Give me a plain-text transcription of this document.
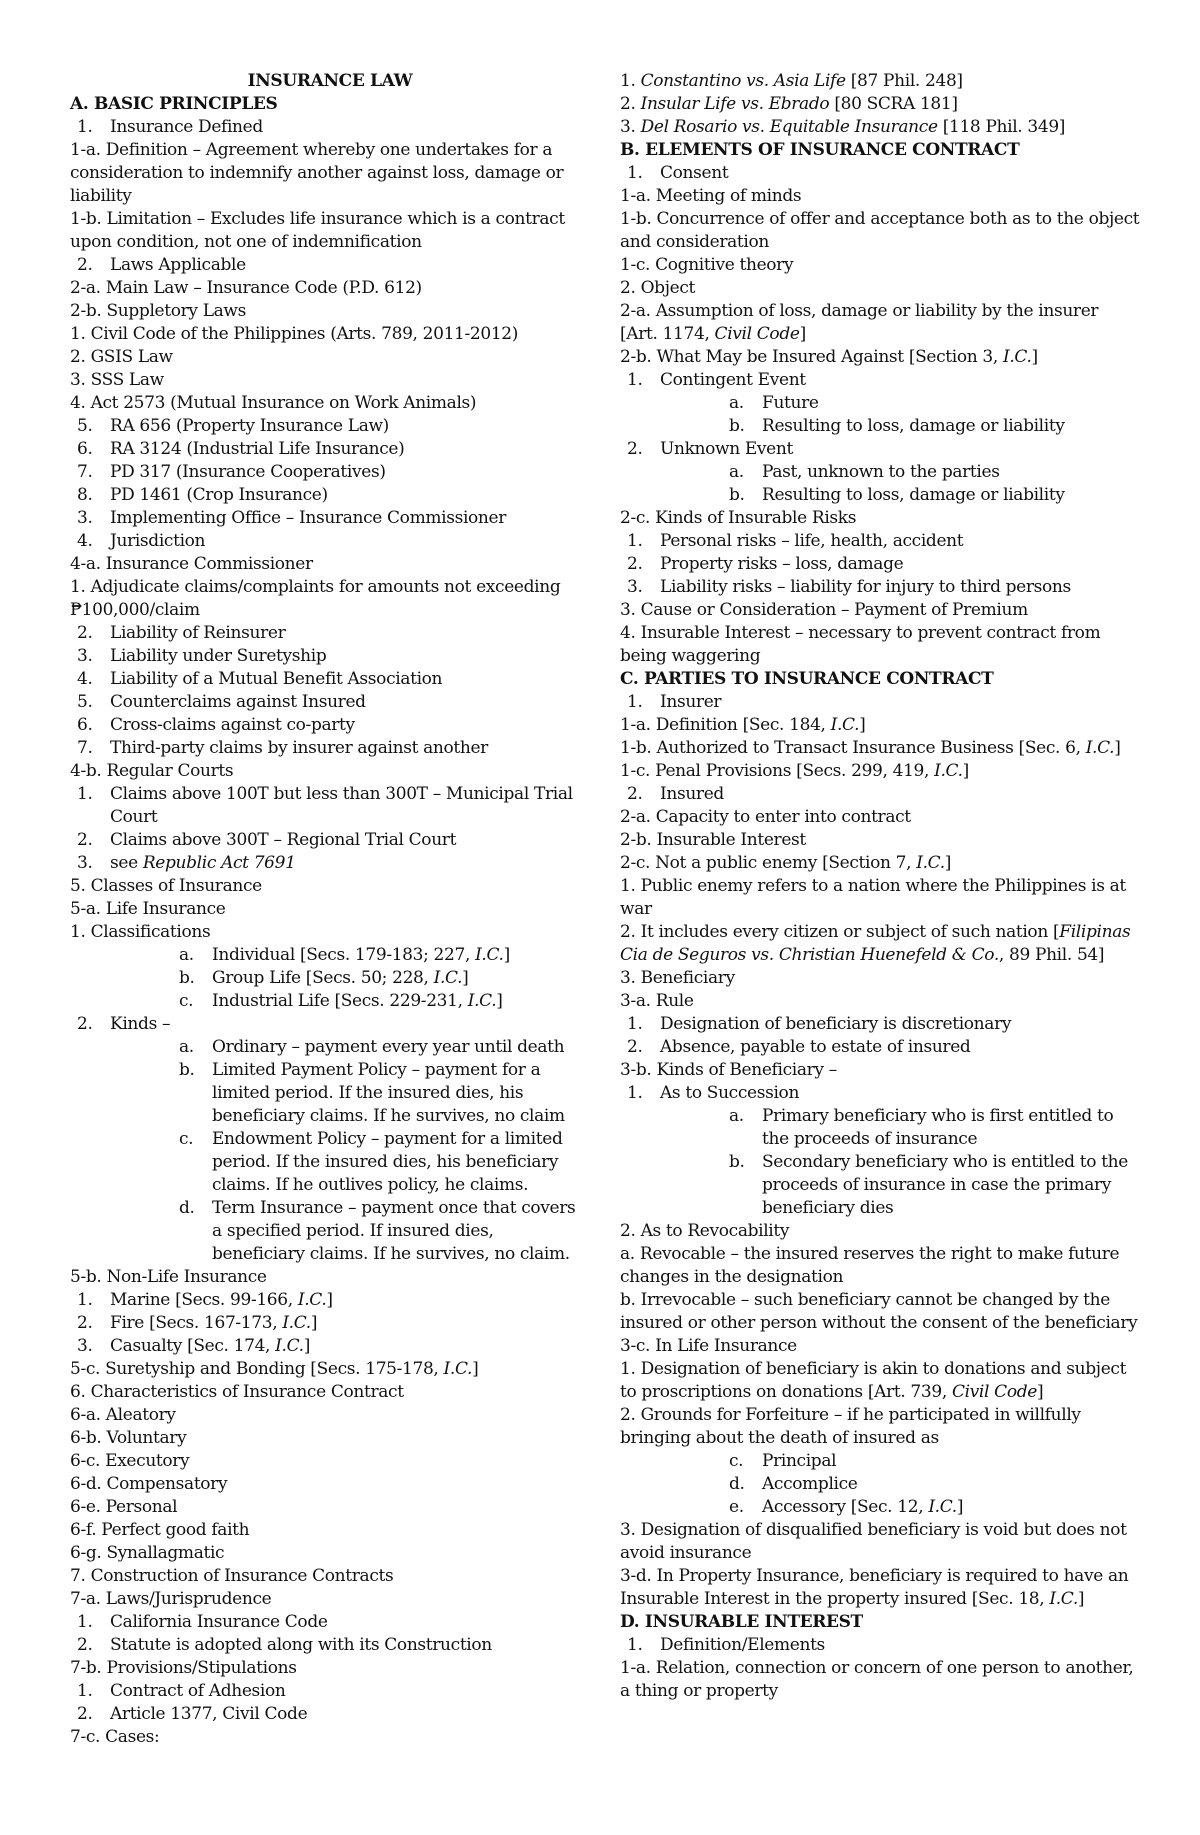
INSURANCE LAW
A. BASIC PRINCIPLES
1. Insurance Defined
1-a. Definition – Agreement whereby one undertakes for a consideration to indemnify another against loss, damage or liability
1-b. Limitation – Excludes life insurance which is a contract upon condition, not one of indemnification
2. Laws Applicable
2-a. Main Law – Insurance Code (P.D. 612)
2-b. Suppletory Laws
1. Civil Code of the Philippines (Arts. 789, 2011-2012)
2. GSIS Law
3. SSS Law
4. Act 2573 (Mutual Insurance on Work Animals)
5. RA 656 (Property Insurance Law)
6. RA 3124 (Industrial Life Insurance)
7. PD 317 (Insurance Cooperatives)
8. PD 1461 (Crop Insurance)
3. Implementing Office – Insurance Commissioner
4. Jurisdiction
4-a. Insurance Commissioner
1. Adjudicate claims/complaints for amounts not exceeding ₱100,000/claim
2. Liability of Reinsurer
3. Liability under Suretyship
4. Liability of a Mutual Benefit Association
5. Counterclaims against Insured
6. Cross-claims against co-party
7. Third-party claims by insurer against another
4-b. Regular Courts
1. Claims above 100T but less than 300T – Municipal Trial Court
2. Claims above 300T – Regional Trial Court
3. see Republic Act 7691
5. Classes of Insurance
5-a. Life Insurance
1. Classifications
a. Individual [Secs. 179-183; 227, I.C.]
b. Group Life [Secs. 50; 228, I.C.]
c. Industrial Life [Secs. 229-231, I.C.]
2. Kinds –
a. Ordinary – payment every year until death
b. Limited Payment Policy – payment for a limited period. If the insured dies, his beneficiary claims. If he survives, no claim
c. Endowment Policy – payment for a limited period. If the insured dies, his beneficiary claims. If he outlives policy, he claims.
d. Term Insurance – payment once that covers a specified period. If insured dies, beneficiary claims. If he survives, no claim.
5-b. Non-Life Insurance
1. Marine [Secs. 99-166, I.C.]
2. Fire [Secs. 167-173, I.C.]
3. Casualty [Sec. 174, I.C.]
5-c. Suretyship and Bonding [Secs. 175-178, I.C.]
6. Characteristics of Insurance Contract
6-a. Aleatory
6-b. Voluntary
6-c. Executory
6-d. Compensatory
6-e. Personal
6-f. Perfect good faith
6-g. Synallagmatic
7. Construction of Insurance Contracts
7-a. Laws/Jurisprudence
1. California Insurance Code
2. Statute is adopted along with its Construction
7-b. Provisions/Stipulations
1. Contract of Adhesion
2. Article 1377, Civil Code
7-c. Cases:
1. Constantino vs. Asia Life [87 Phil. 248]
2. Insular Life vs. Ebrado [80 SCRA 181]
3. Del Rosario vs. Equitable Insurance [118 Phil. 349]
B. ELEMENTS OF INSURANCE CONTRACT
1. Consent
1-a. Meeting of minds
1-b. Concurrence of offer and acceptance both as to the object and consideration
1-c. Cognitive theory
2. Object
2-a. Assumption of loss, damage or liability by the insurer [Art. 1174, Civil Code]
2-b. What May be Insured Against [Section 3, I.C.]
1. Contingent Event
a. Future
b. Resulting to loss, damage or liability
2. Unknown Event
a. Past, unknown to the parties
b. Resulting to loss, damage or liability
2-c. Kinds of Insurable Risks
1. Personal risks – life, health, accident
2. Property risks – loss, damage
3. Liability risks – liability for injury to third persons
3. Cause or Consideration – Payment of Premium
4. Insurable Interest – necessary to prevent contract from being waggering
C. PARTIES TO INSURANCE CONTRACT
1. Insurer
1-a. Definition [Sec. 184, I.C.]
1-b. Authorized to Transact Insurance Business [Sec. 6, I.C.]
1-c. Penal Provisions [Secs. 299, 419, I.C.]
2. Insured
2-a. Capacity to enter into contract
2-b. Insurable Interest
2-c. Not a public enemy [Section 7, I.C.]
1. Public enemy refers to a nation where the Philippines is at war
2. It includes every citizen or subject of such nation [Filipinas Cia de Seguros vs. Christian Huenefeld & Co., 89 Phil. 54]
3. Beneficiary
3-a. Rule
1. Designation of beneficiary is discretionary
2. Absence, payable to estate of insured
3-b. Kinds of Beneficiary –
1. As to Succession
a. Primary beneficiary who is first entitled to the proceeds of insurance
b. Secondary beneficiary who is entitled to the proceeds of insurance in case the primary beneficiary dies
2. As to Revocability
a. Revocable – the insured reserves the right to make future changes in the designation
b. Irrevocable – such beneficiary cannot be changed by the insured or other person without the consent of the beneficiary
3-c. In Life Insurance
1. Designation of beneficiary is akin to donations and subject to proscriptions on donations [Art. 739, Civil Code]
2. Grounds for Forfeiture – if he participated in willfully bringing about the death of insured as
c. Principal
d. Accomplice
e. Accessory [Sec. 12, I.C.]
3. Designation of disqualified beneficiary is void but does not avoid insurance
3-d. In Property Insurance, beneficiary is required to have an Insurable Interest in the property insured [Sec. 18, I.C.]
D. INSURABLE INTEREST
1. Definition/Elements
1-a. Relation, connection or concern of one person to another, a thing or property
